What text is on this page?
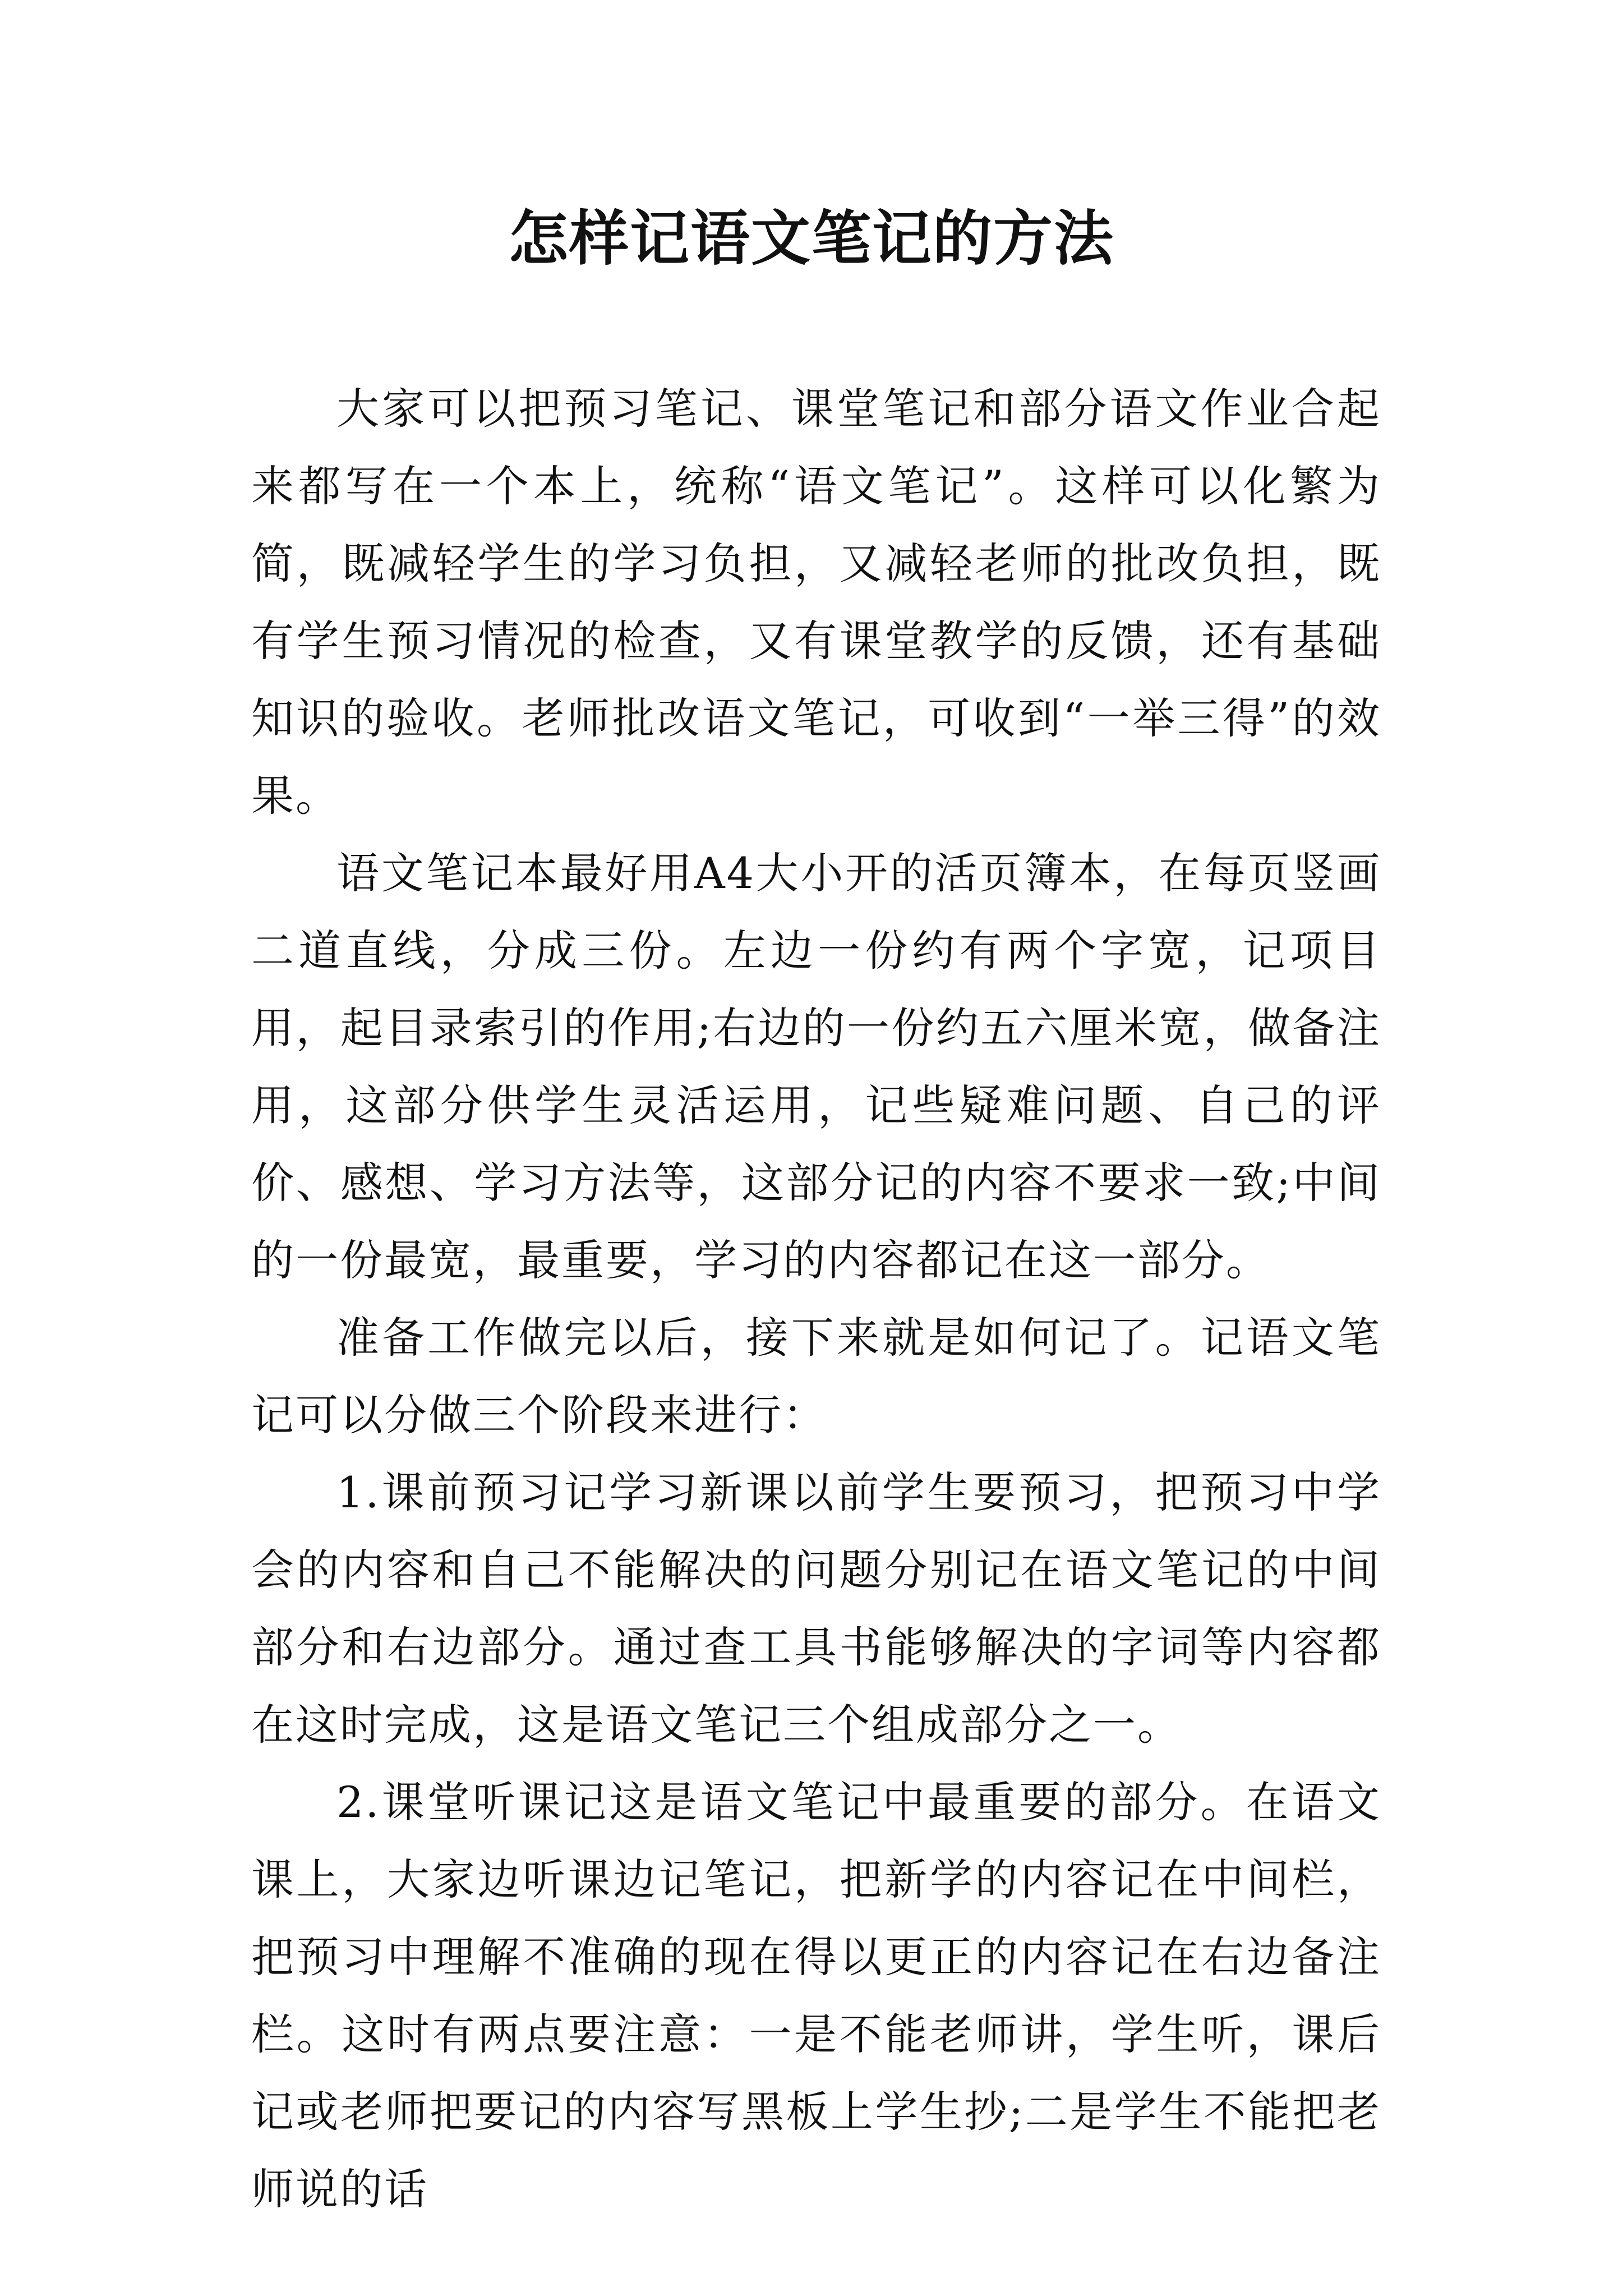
怎样记语文笔记的方法

大家可以把预习笔记、课堂笔记和部分语文作业合起来都写在一个本上，统称“语文笔记”。这样可以化繁为简，既减轻学生的学习负担，又减轻老师的批改负担，既有学生预习情况的检查，又有课堂教学的反馈，还有基础知识的验收。老师批改语文笔记，可收到“一举三得”的效果。

语文笔记本最好用A4大小开的活页簿本，在每页竖画二道直线，分成三份。左边一份约有两个字宽，记项目用，起目录索引的作用;右边的一份约五六厘米宽，做备注用，这部分供学生灵活运用，记些疑难问题、自己的评价、感想、学习方法等，这部分记的内容不要求一致;中间的一份最宽，最重要，学习的内容都记在这一部分。

准备工作做完以后，接下来就是如何记了。记语文笔记可以分做三个阶段来进行：

1.课前预习记学习新课以前学生要预习，把预习中学会的内容和自己不能解决的问题分别记在语文笔记的中间部分和右边部分。通过查工具书能够解决的字词等内容都在这时完成，这是语文笔记三个组成部分之一。

2.课堂听课记这是语文笔记中最重要的部分。在语文课上，大家边听课边记笔记，把新学的内容记在中间栏，把预习中理解不准确的现在得以更正的内容记在右边备注栏。这时有两点要注意：一是不能老师讲，学生听，课后记或老师把要记的内容写黑板上学生抄;二是学生不能把老师说的话
